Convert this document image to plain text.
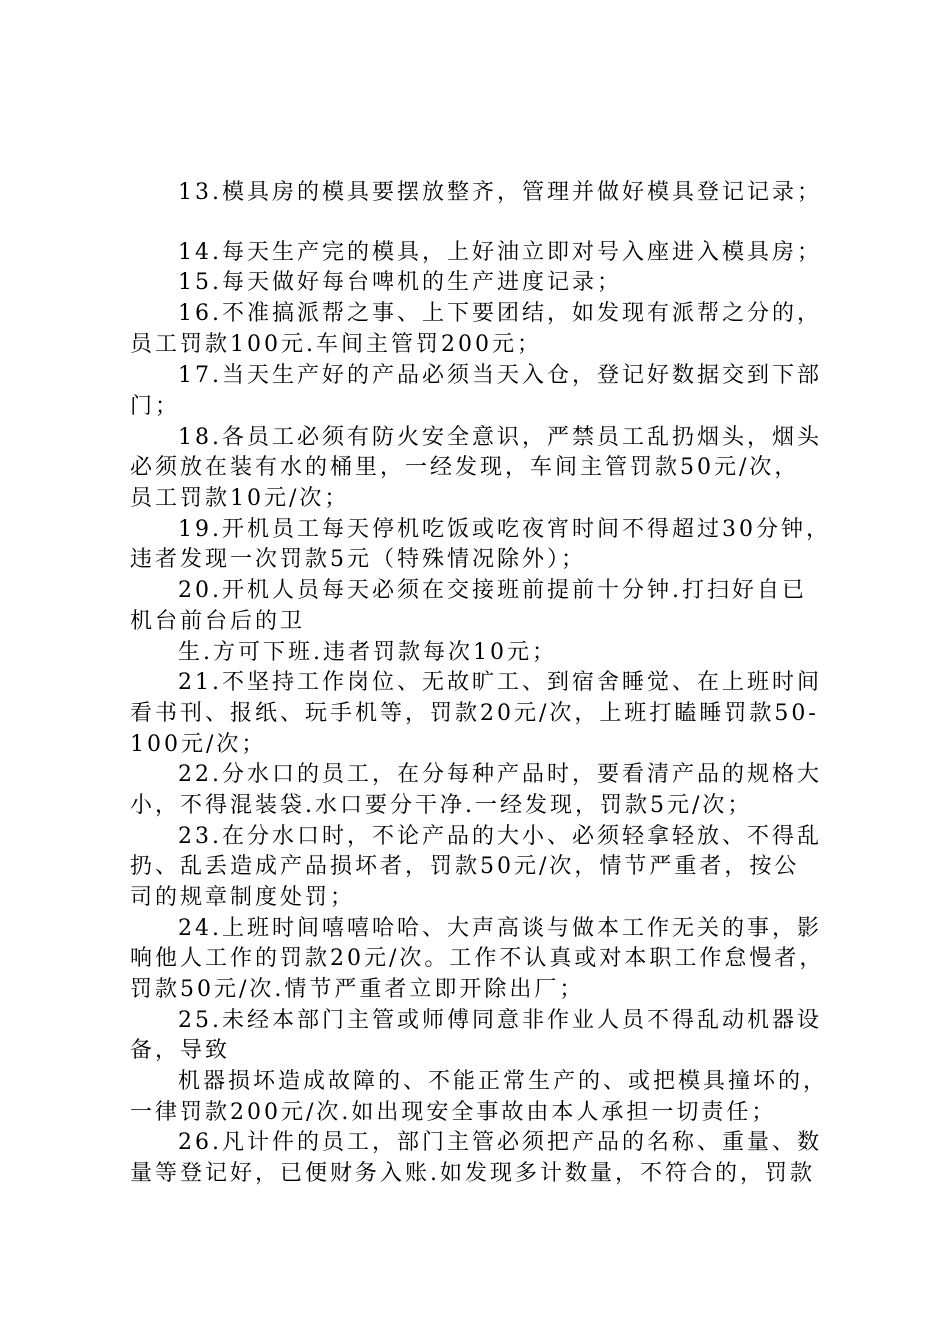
13.模具房的模具要摆放整齐，管理并做好模具登记记录；
14.每天生产完的模具，上好油立即对号入座进入模具房；
15.每天做好每台啤机的生产进度记录；
16.不准搞派帮之事、上下要团结，如发现有派帮之分的，
员工罚款100元.车间主管罚200元；
17.当天生产好的产品必须当天入仓，登记好数据交到下部
门；
18.各员工必须有防火安全意识，严禁员工乱扔烟头，烟头
必须放在装有水的桶里，一经发现，车间主管罚款50元/次，
员工罚款10元/次；
19.开机员工每天停机吃饭或吃夜宵时间不得超过30分钟，
违者发现一次罚款5元（特殊情况除外）；
20.开机人员每天必须在交接班前提前十分钟.打扫好自已
机台前台后的卫
生.方可下班.违者罚款每次10元；
21.不坚持工作岗位、无故旷工、到宿舍睡觉、在上班时间
看书刊、报纸、玩手机等，罚款20元/次，上班打瞌睡罚款50-
100元/次；
22.分水口的员工，在分每种产品时，要看清产品的规格大
小，不得混装袋.水口要分干净.一经发现，罚款5元/次；
23.在分水口时，不论产品的大小、必须轻拿轻放、不得乱
扔、乱丢造成产品损坏者，罚款50元/次，情节严重者，按公
司的规章制度处罚；
24.上班时间嘻嘻哈哈、大声高谈与做本工作无关的事，影
响他人工作的罚款20元/次。工作不认真或对本职工作怠慢者，
罚款50元/次.情节严重者立即开除出厂；
25.未经本部门主管或师傅同意非作业人员不得乱动机器设
备，导致
机器损坏造成故障的、不能正常生产的、或把模具撞坏的，
一律罚款200元/次.如出现安全事故由本人承担一切责任；
26.凡计件的员工，部门主管必须把产品的名称、重量、数
量等登记好，已便财务入账.如发现多计数量，不符合的，罚款
